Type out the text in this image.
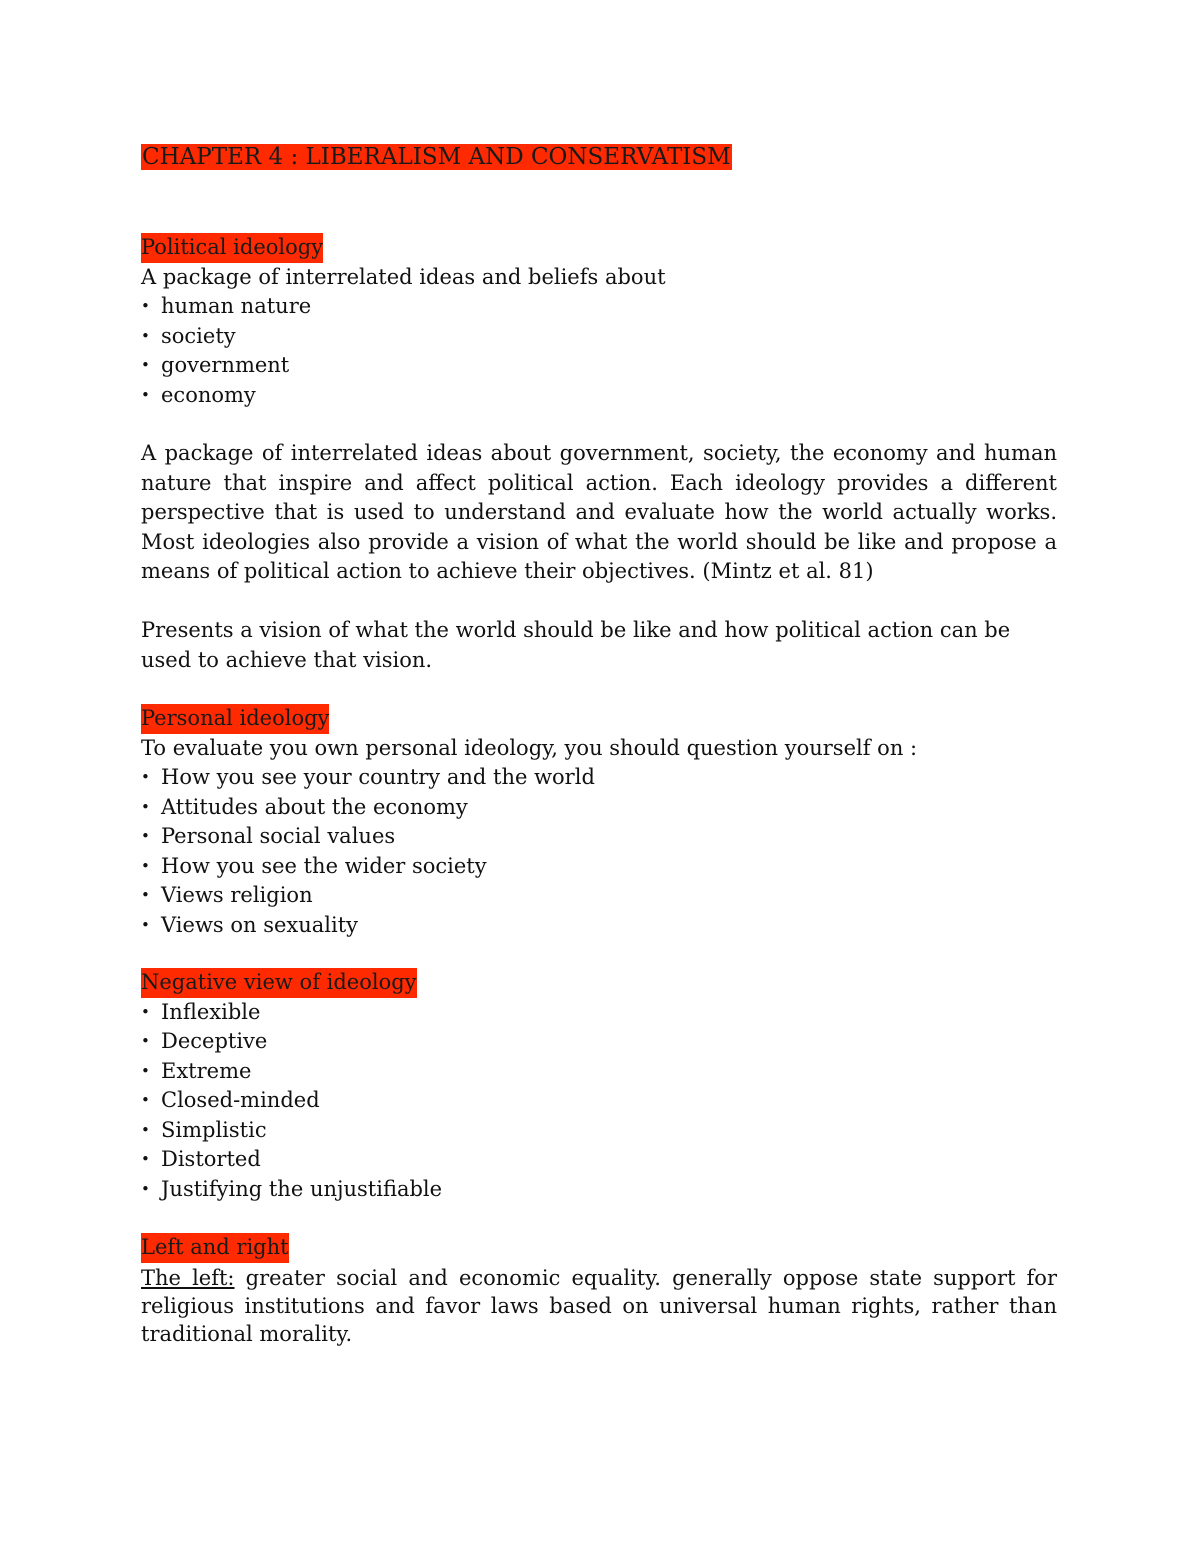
CHAPTER 4 : LIBERALISM AND CONSERVATISM
Political ideology

A package of interrelated ideas and beliefs about

• human nature
• society
• government
• economy

A package of interrelated ideas about government, society, the economy and human nature that inspire and affect political action. Each ideology provides a different perspective that is used to understand and evaluate how the world actually works. Most ideologies also provide a vision of what the world should be like and propose a means of political action to achieve their objectives. (Mintz et al. 81)

Presents a vision of what the world should be like and how political action can be used to achieve that vision.

Personal ideology

To evaluate you own personal ideology, you should question yourself on :

• How you see your country and the world
• Attitudes about the economy
• Personal social values
• How you see the wider society
• Views religion
• Views on sexuality
Negative view of ideology
• Inflexible
• Deceptive
• Extreme
• Closed-minded
• Simplistic
• Distorted
• Justifying the unjustifiable
Left and right

The left: greater social and economic equality. generally oppose state support for religious institutions and favor laws based on universal human rights, rather than traditional morality.
